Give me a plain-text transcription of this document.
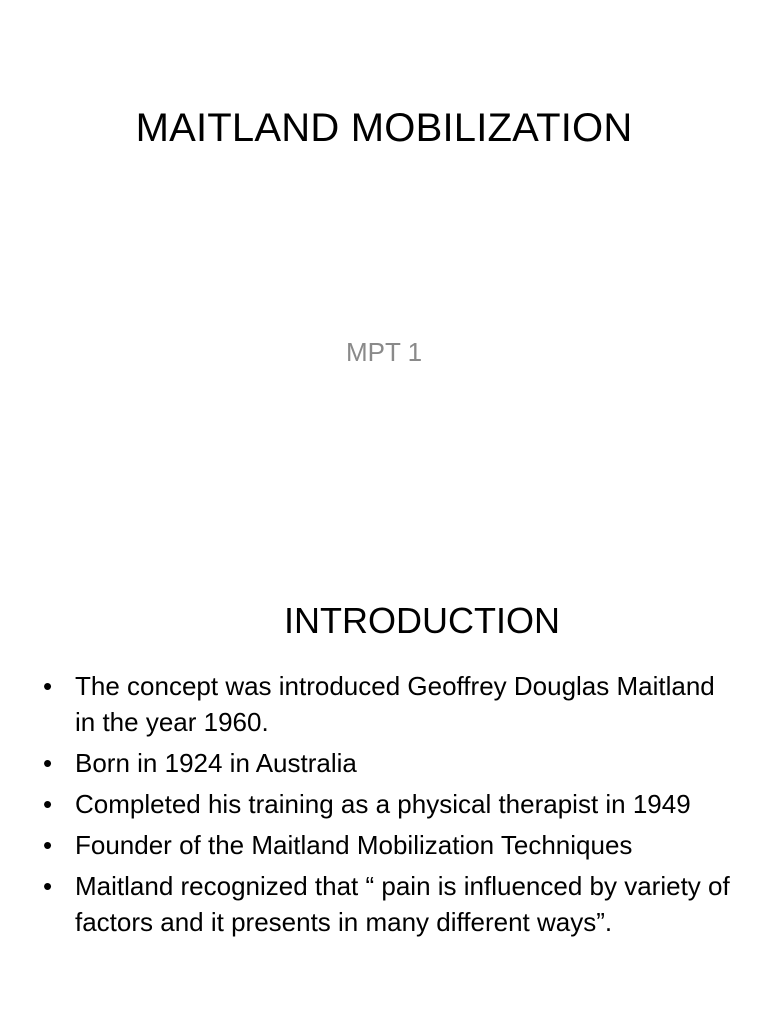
MAITLAND MOBILIZATION
MPT 1
INTRODUCTION
• The concept was introduced Geoffrey Douglas Maitland in the year 1960.
• Born in 1924 in Australia
• Completed his training as a physical therapist in 1949
• Founder of the Maitland Mobilization Techniques
• Maitland recognized that “ pain is influenced by variety of factors and it presents in many different ways”.
